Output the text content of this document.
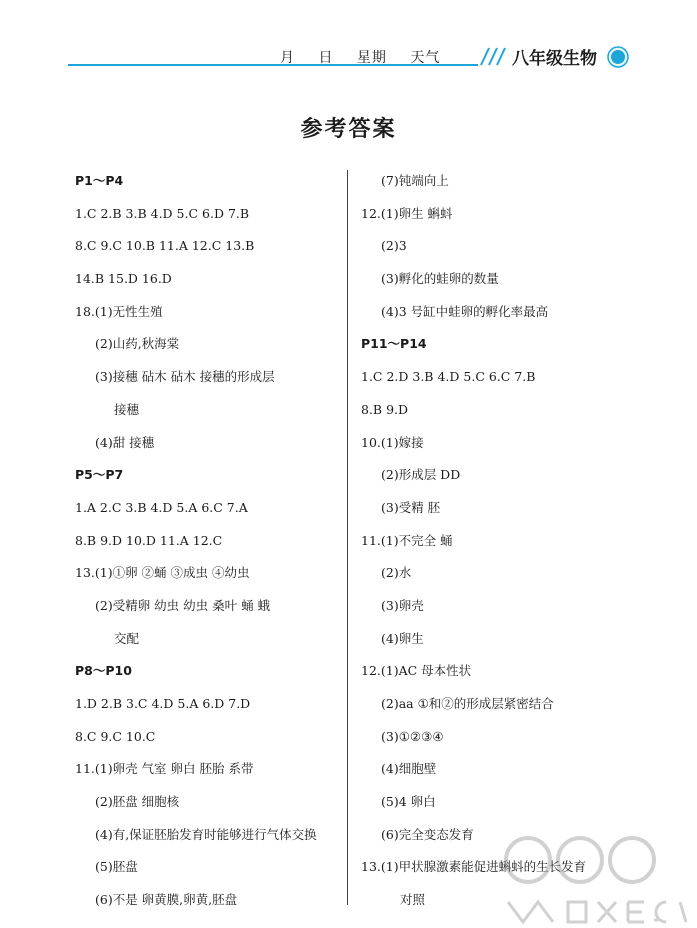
月 日 星期 天气	八年级生物
参考答案
P1～P4
1.C 2.B 3.B 4.D 5.C 6.D 7.B
8.C 9.C 10.B 11.A 12.C 13.B
14.B 15.D 16.D
18.(1)无性生殖
(2)山药,秋海棠
(3)接穗 砧木 砧木 接穗的形成层
接穗
(4)甜 接穗
P5～P7
1.A 2.C 3.B 4.D 5.A 6.C 7.A
8.B 9.D 10.D 11.A 12.C
13.(1)①卵 ②蛹 ③成虫 ④幼虫
(2)受精卵 幼虫 幼虫 桑叶 蛹 蛾
交配
P8～P10
1.D 2.B 3.C 4.D 5.A 6.D 7.D
8.C 9.C 10.C
11.(1)卵壳 气室 卵白 胚胎 系带
(2)胚盘 细胞核
(4)有,保证胚胎发育时能够进行气体交换
(5)胚盘
(6)不是 卵黄膜,卵黄,胚盘
(7)钝端向上
12.(1)卵生 蝌蚪
(2)3
(3)孵化的蛙卵的数量
(4)3 号缸中蛙卵的孵化率最高
P11～P14
1.C 2.D 3.B 4.D 5.C 6.C 7.B
8.B 9.D
10.(1)嫁接
(2)形成层 DD
(3)受精 胚
11.(1)不完全 蛹
(2)水
(3)卵壳
(4)卵生
12.(1)AC 母本性状
(2)aa ①和②的形成层紧密结合
(3)①②③④
(4)细胞壁
(5)4 卵白
(6)完全变态发育
13.(1)甲状腺激素能促进蝌蚪的生长发育
对照
